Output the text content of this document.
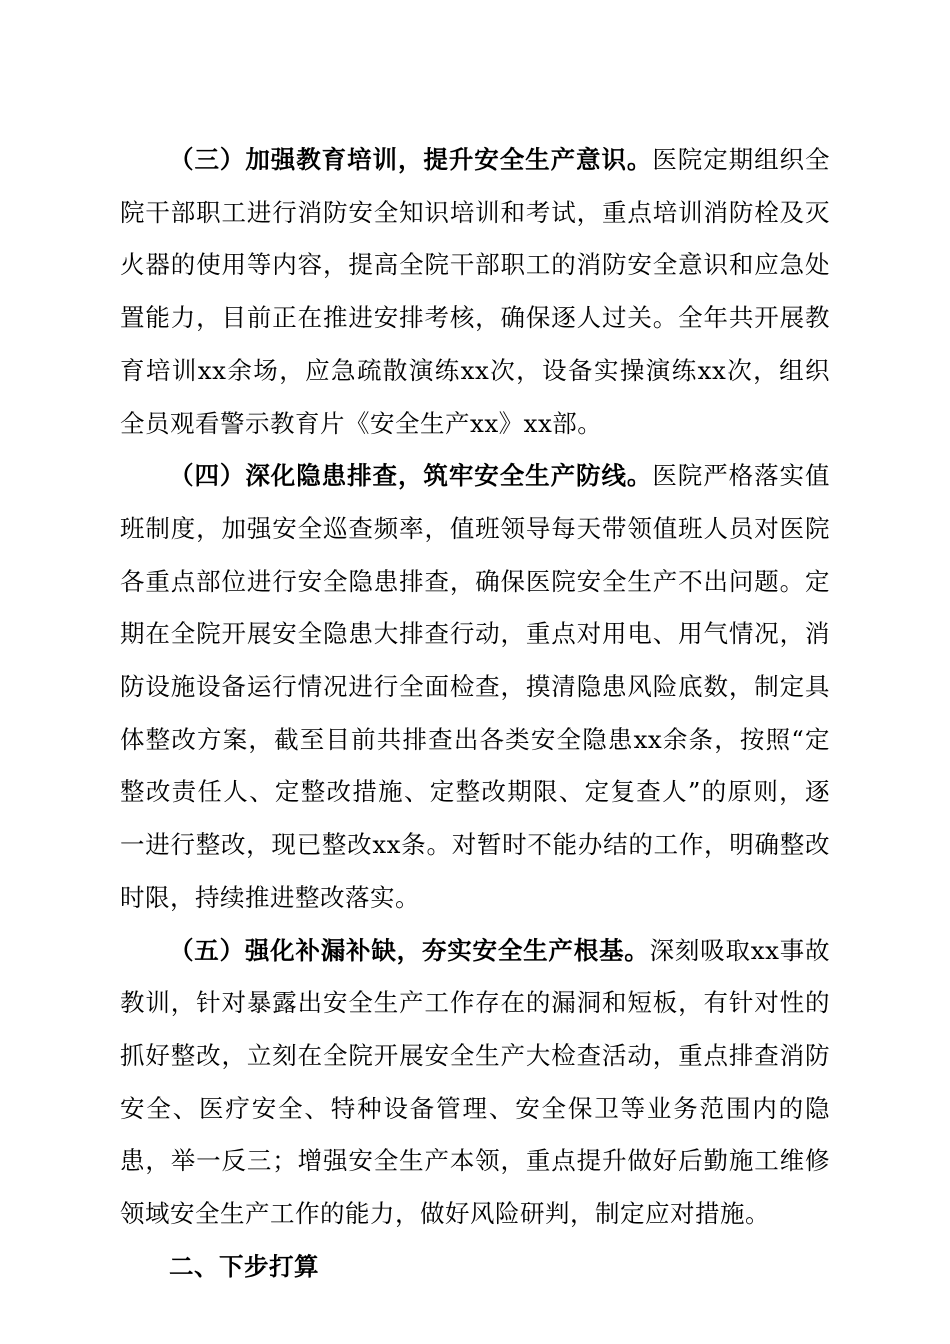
（三）加强教育培训，提升安全生产意识。医院定期组织全院干部职工进行消防安全知识培训和考试，重点培训消防栓及灭火器的使用等内容，提高全院干部职工的消防安全意识和应急处置能力，目前正在推进安排考核，确保逐人过关。全年共开展教育培训xx余场，应急疏散演练xx次，设备实操演练xx次，组织全员观看警示教育片《安全生产xx》xx部。

（四）深化隐患排查，筑牢安全生产防线。医院严格落实值班制度，加强安全巡查频率，值班领导每天带领值班人员对医院各重点部位进行安全隐患排查，确保医院安全生产不出问题。定期在全院开展安全隐患大排查行动，重点对用电、用气情况，消防设施设备运行情况进行全面检查，摸清隐患风险底数，制定具体整改方案，截至目前共排查出各类安全隐患xx余条，按照“定整改责任人、定整改措施、定整改期限、定复查人”的原则，逐一进行整改，现已整改xx条。对暂时不能办结的工作，明确整改时限，持续推进整改落实。

（五）强化补漏补缺，夯实安全生产根基。深刻吸取xx事故教训，针对暴露出安全生产工作存在的漏洞和短板，有针对性的抓好整改，立刻在全院开展安全生产大检查活动，重点排查消防安全、医疗安全、特种设备管理、安全保卫等业务范围内的隐患，举一反三；增强安全生产本领，重点提升做好后勤施工维修领域安全生产工作的能力，做好风险研判，制定应对措施。

二、下步打算
